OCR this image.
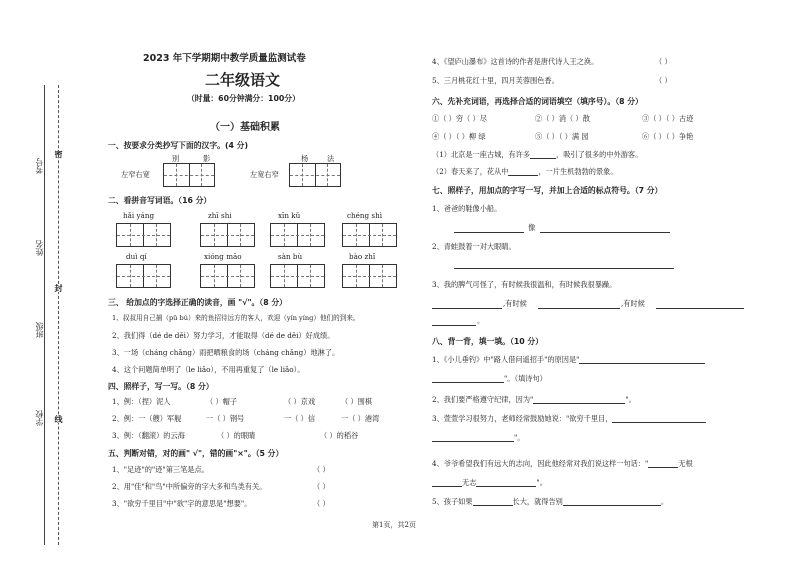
考号
姓名
班级
学校
密
封
线
2023 年下学期期中教学质量监测试卷
二年级语文
（时量：60分钟满分：100分）
（一）基础积累
一、按要求分类抄写下面的汉字。(4 分)
别	影	杨	法
左窄右宽	左宽右窄
二、看拼音写词语。（16 分）
hǎi yáng	zhī shi	xīn kǔ	chéng shì
duì qí	xióng māo	sàn bù	bào zhǐ
三、 给加点的字选择正确的读音，画 "√"。（8 分）
1、叔叔用自己捕（pū bǔ）来的鱼招待远方的客人，欢迎（yín yíng）他们的到来。
2、我们得（dé de děi）努力学习，才能取得（dé de děi）好成绩。
3、一场（cháng chǎng）雨把晒粮食的场（cháng chǎng）地淋了。
4、这个问题简单明了（le liǎo），不用再重复了（le liǎo）。
四、照样子，写一写。（8 分）
1、例：（捏）泥人	（ ）帽子	（ ）京戏	（ ）围棋
2、例：一（艘）军舰	一（ ）钢号	一（ ）信	一（ ）港湾
3、例：（翻滚）的云海	（ ）的眼睛	（ ）的稻谷
五、判断对错，对的画" √"，错的画"×"。（5 分）
1、"足迹"的"迹"第三笔是点。	（ ）
2、用"佳"和"鸟"中所偏旁的字大多和鸟类有关。	（ ）
3、"欲穷千里目"中"欲"字的意思是"想要"。	（ ）
4、《望庐山瀑布》这首诗的作者是唐代诗人王之涣。	（ ）
5、三月桃花红十里，四月芙蓉围色香。	（ ）
六、先补充词语，再选择合适的词语填空（填序号）。（8 分）
①（ ）穷（ ）尽	②（ ）消（ ）散	③（ ）（ ）古迹
④（ ）（ ）柳 绿	⑤（ ）（ ）满 园	⑥（ ）（ ）争艳
（1）北京是一座古城，有许多	，吸引了很多的中外游客。
（2）春天来了，花从中	，一片生机勃勃的景象。
七、照样子，用加点的字写一写，并加上合适的标点符号。（7 分）
1、爸爸的鞋像小船。
像
2、青蛙鼓着一对大眼睛。
3、我的脾气可怪了，有时候我很温和，有时候我很暴躁。
,有时候	,有时候
。
八、背一背，填一填。（10 分）
1、《小儿垂钓》中"路人借问遥招手"的原因是"
"。（填诗句）
2、我们要严格遵守纪律，因为"	"。
3、萱萱学习很努力，老师经常鼓励她说："欲穷千里目，
"。
4、爷爷希望我们有远大的志向，因此他经常对我们说这样一句话："	无根
无志	"。
5、孩子如果	长大，就得告别	。
第1页，共2页
